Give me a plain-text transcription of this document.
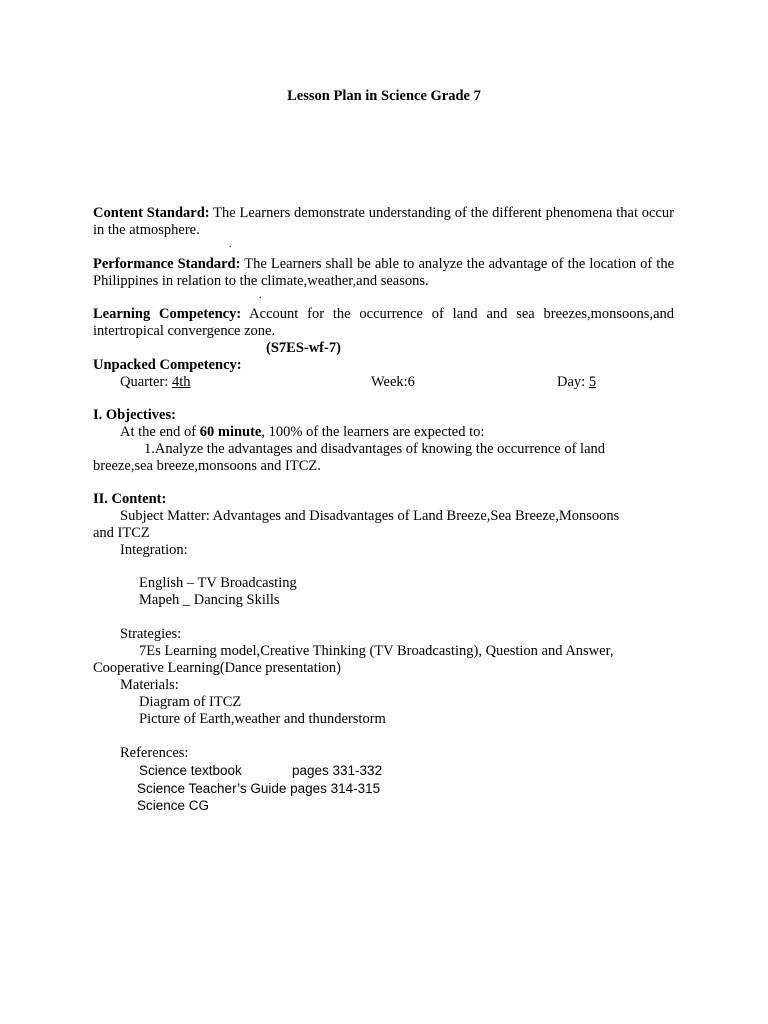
Lesson Plan in Science Grade 7
Content Standard: The Learners demonstrate understanding of the different phenomena that occur in the atmosphere.
.
Performance Standard: The Learners shall be able to analyze the advantage of the location of the Philippines in relation to the climate,weather,and seasons.
.
Learning Competency: Account for the occurrence of land and sea breezes,monsoons,and intertropical convergence zone.
(S7ES-wf-7)
Unpacked Competency:
Quarter: 4th	Week:6	Day: 5
I. Objectives:
At the end of 60 minute, 100% of the learners are expected to:
1.Analyze the advantages and disadvantages of knowing the occurrence of land
breeze,sea breeze,monsoons and ITCZ.
II. Content:
Subject Matter: Advantages and Disadvantages of Land Breeze,Sea Breeze,Monsoons
and ITCZ
Integration:
English – TV Broadcasting
Mapeh _ Dancing Skills
Strategies:
7Es Learning model,Creative Thinking (TV Broadcasting), Question and Answer,
Cooperative Learning(Dance presentation)
Materials:
Diagram of ITCZ
Picture of Earth,weather and thunderstorm
References:
Science textbook	pages 331-332
Science Teacher’s Guide pages 314-315
Science CG
